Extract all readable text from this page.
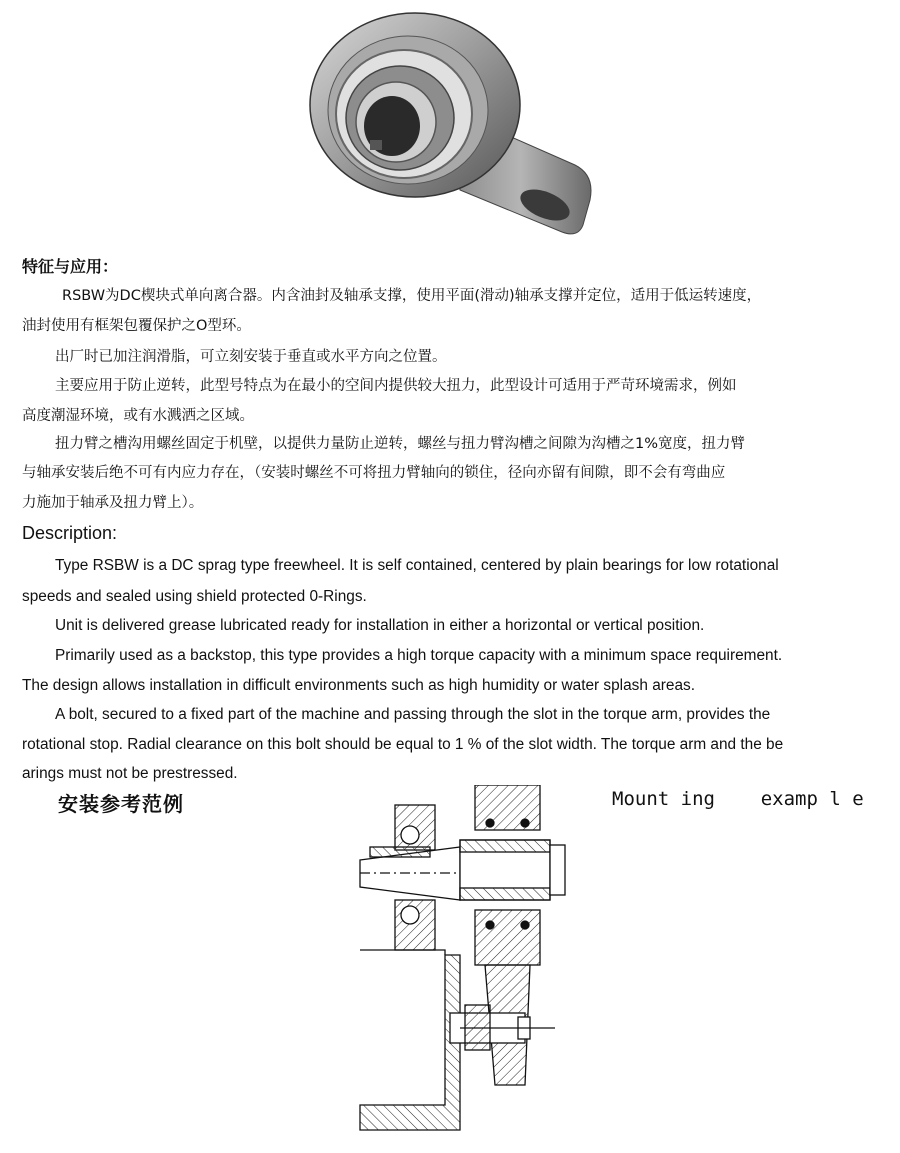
特征与应用：
RSBW为DC楔块式单向离合器。内含油封及轴承支撑，使用平面(滑动)轴承支撑并定位，适用于低运转速度，
油封使用有框架包覆保护之O型环。
出厂时已加注润滑脂，可立刻安装于垂直或水平方向之位置。
主要应用于防止逆转，此型号特点为在最小的空间内提供较大扭力，此型设计可适用于严苛环境需求，例如
高度潮湿环境，或有水溅洒之区域。
扭力臂之槽沟用螺丝固定于机壁，以提供力量防止逆转，螺丝与扭力臂沟槽之间隙为沟槽之1%宽度，扭力臂
与轴承安装后绝不可有内应力存在，（安装时螺丝不可将扭力臂轴向的锁住，径向亦留有间隙，即不会有弯曲应
力施加于轴承及扭力臂上）。
Description:
Type RSBW is a DC sprag type freewheel. It is self contained, centered by plain bearings for low rotational
speeds and sealed using shield protected 0-Rings.
Unit is delivered grease lubricated ready for installation in either a horizontal or vertical position.
Primarily used as a backstop, this type provides a high torque capacity with a minimum space requirement.
The design allows installation in difficult environments such as high humidity or water splash areas.
A bolt, secured to a fixed part of the machine and passing through the slot in the torque arm, provides the
rotational stop. Radial clearance on this bolt should be equal to 1 % of the slot width. The torque arm and the be
arings must not be prestressed.
安装参考范例	Mount ing    examp l e
